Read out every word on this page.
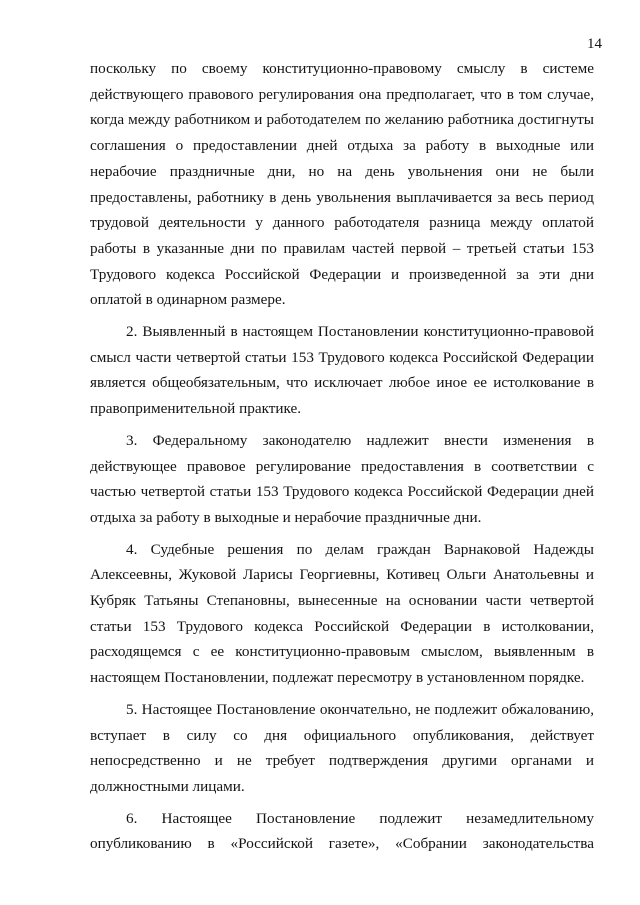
14

поскольку по своему конституционно-правовому смыслу в системе действующего правового регулирования она предполагает, что в том случае, когда между работником и работодателем по желанию работника достигнуты соглашения о предоставлении дней отдыха за работу в выходные или нерабочие праздничные дни, но на день увольнения они не были предоставлены, работнику в день увольнения выплачивается за весь период трудовой деятельности у данного работодателя разница между оплатой работы в указанные дни по правилам частей первой – третьей статьи 153 Трудового кодекса Российской Федерации и произведенной за эти дни оплатой в одинарном размере.

2. Выявленный в настоящем Постановлении конституционно-правовой смысл части четвертой статьи 153 Трудового кодекса Российской Федерации является общеобязательным, что исключает любое иное ее истолкование в правоприменительной практике.

3. Федеральному законодателю надлежит внести изменения в действующее правовое регулирование предоставления в соответствии с частью четвертой статьи 153 Трудового кодекса Российской Федерации дней отдыха за работу в выходные и нерабочие праздничные дни.

4. Судебные решения по делам граждан Варнаковой Надежды Алексеевны, Жуковой Ларисы Георгиевны, Котивец Ольги Анатольевны и Кубряк Татьяны Степановны, вынесенные на основании части четвертой статьи 153 Трудового кодекса Российской Федерации в истолковании, расходящемся с ее конституционно-правовым смыслом, выявленным в настоящем Постановлении, подлежат пересмотру в установленном порядке.

5. Настоящее Постановление окончательно, не подлежит обжалованию, вступает в силу со дня официального опубликования, действует непосредственно и не требует подтверждения другими органами и должностными лицами.

6. Настоящее Постановление подлежит незамедлительному опубликованию в «Российской газете», «Собрании законодательства
